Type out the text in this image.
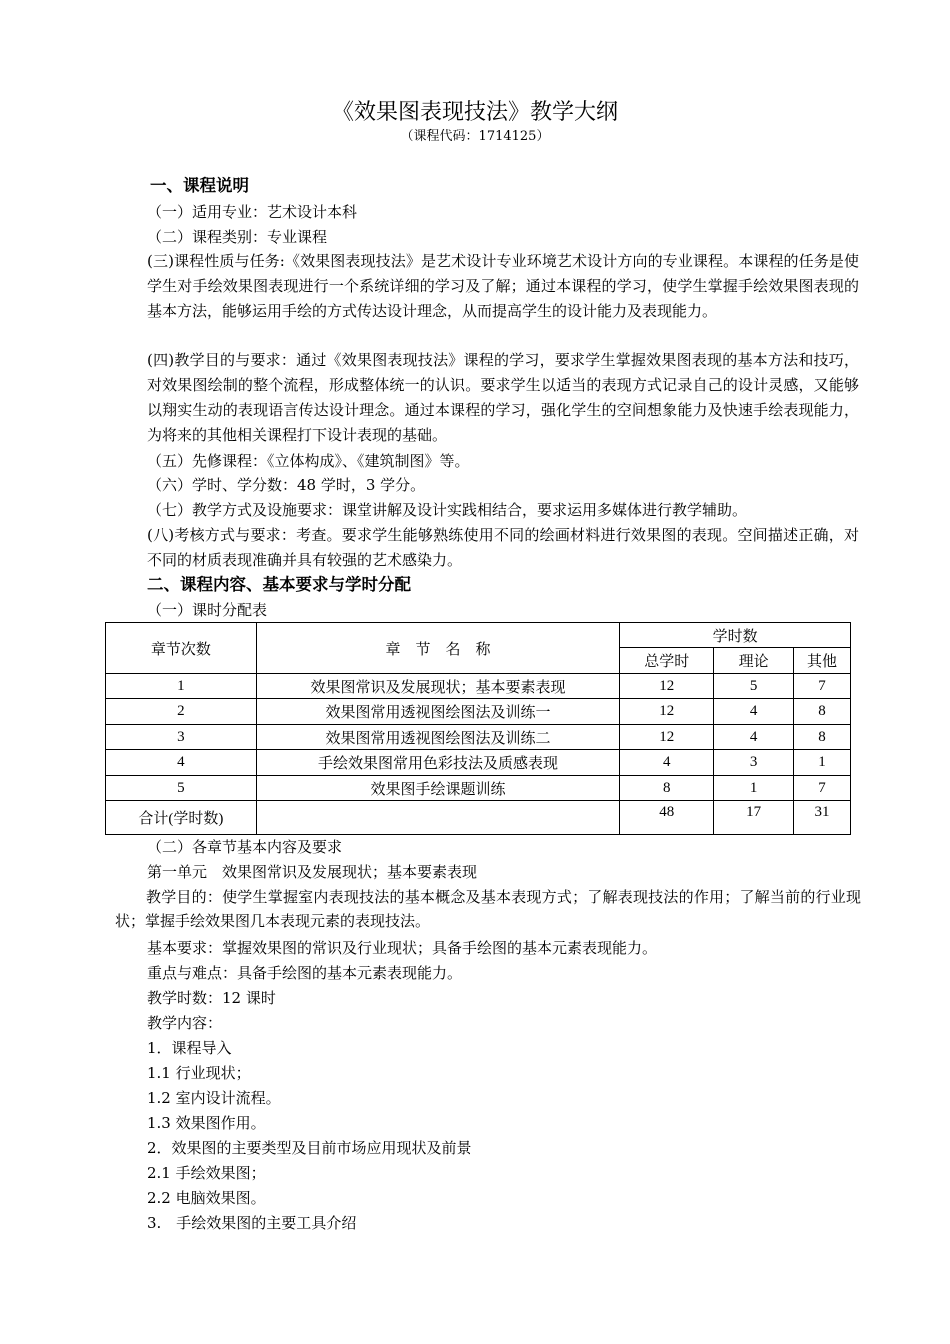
《效果图表现技法》教学大纲
（课程代码：1714125）
一、课程说明
（一）适用专业：艺术设计本科
（二）课程类别：专业课程
(三)课程性质与任务:《效果图表现技法》是艺术设计专业环境艺术设计方向的专业课程。本课程的任务是使学生对手绘效果图表现进行一个系统详细的学习及了解；通过本课程的学习，使学生掌握手绘效果图表现的基本方法，能够运用手绘的方式传达设计理念，从而提高学生的设计能力及表现能力。
(四)教学目的与要求：通过《效果图表现技法》课程的学习，要求学生掌握效果图表现的基本方法和技巧，对效果图绘制的整个流程，形成整体统一的认识。要求学生以适当的表现方式记录自己的设计灵感，又能够以翔实生动的表现语言传达设计理念。通过本课程的学习，强化学生的空间想象能力及快速手绘表现能力，为将来的其他相关课程打下设计表现的基础。
（五）先修课程：《立体构成》、《建筑制图》等。
（六）学时、学分数：48 学时，3 学分。
（七）教学方式及设施要求：课堂讲解及设计实践相结合，要求运用多媒体进行教学辅助。
(八)考核方式与要求：考查。要求学生能够熟练使用不同的绘画材料进行效果图的表现。空间描述正确，对不同的材质表现准确并具有较强的艺术感染力。
二、课程内容、基本要求与学时分配
（一）课时分配表
章节次数	章　节　名　称	学时数		
		总学时	理论	其他
1	效果图常识及发展现状；基本要素表现	12	5	7
2	效果图常用透视图绘图法及训练一	12	4	8
3	效果图常用透视图绘图法及训练二	12	4	8
4	手绘效果图常用色彩技法及质感表现	4	3	1
5	效果图手绘课题训练	8	1	7
合计(学时数)		48	17	31
（二）各章节基本内容及要求
第一单元　效果图常识及发展现状；基本要素表现
教学目的：使学生掌握室内表现技法的基本概念及基本表现方式；了解表现技法的作用；了解当前的行业现状；掌握手绘效果图几本表现元素的表现技法。
基本要求：掌握效果图的常识及行业现状；具备手绘图的基本元素表现能力。
重点与难点：具备手绘图的基本元素表现能力。
教学时数：12 课时
教学内容：
1．课程导入
1.1 行业现状；
1.2 室内设计流程。
1.3 效果图作用。
2．效果图的主要类型及目前市场应用现状及前景
2.1 手绘效果图；
2.2 电脑效果图。
3.　手绘效果图的主要工具介绍
